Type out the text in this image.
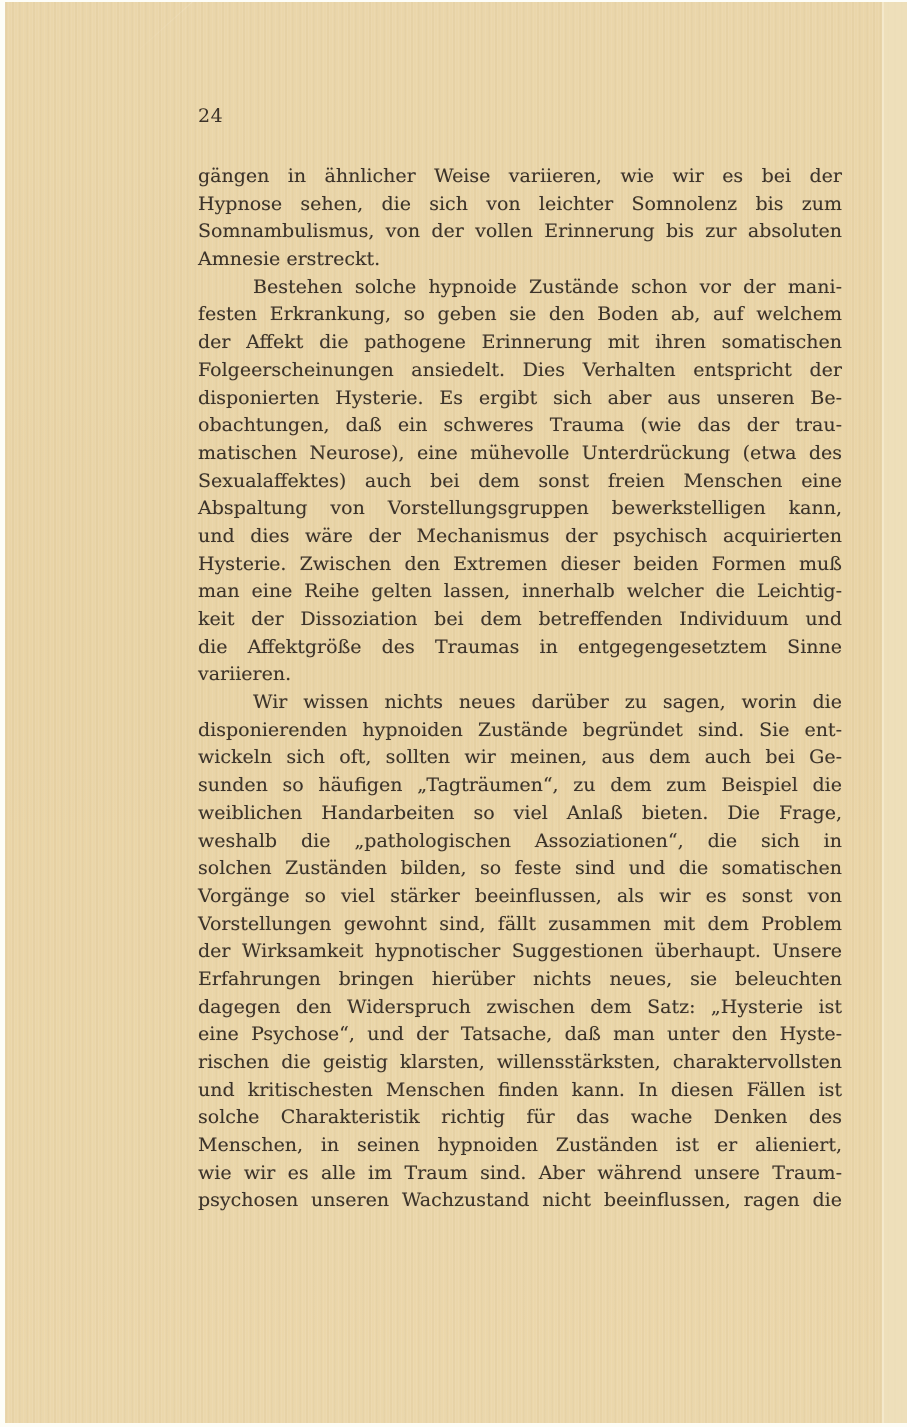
24
gängen in ähnlicher Weise variieren, wie wir es bei der
Hypnose sehen, die sich von leichter Somnolenz bis zum
Somnambulismus, von der vollen Erinnerung bis zur absoluten
Amnesie erstreckt.
Bestehen solche hypnoide Zustände schon vor der mani-
festen Erkrankung, so geben sie den Boden ab, auf welchem
der Affekt die pathogene Erinnerung mit ihren somatischen
Folgeerscheinungen ansiedelt. Dies Verhalten entspricht der
disponierten Hysterie. Es ergibt sich aber aus unseren Be-
obachtungen, daß ein schweres Trauma (wie das der trau-
matischen Neurose), eine mühevolle Unterdrückung (etwa des
Sexualaffektes) auch bei dem sonst freien Menschen eine
Abspaltung von Vorstellungsgruppen bewerkstelligen kann,
und dies wäre der Mechanismus der psychisch acquirierten
Hysterie. Zwischen den Extremen dieser beiden Formen muß
man eine Reihe gelten lassen, innerhalb welcher die Leichtig-
keit der Dissoziation bei dem betreffenden Individuum und
die Affektgröße des Traumas in entgegengesetztem Sinne
variieren.
Wir wissen nichts neues darüber zu sagen, worin die
disponierenden hypnoiden Zustände begründet sind. Sie ent-
wickeln sich oft, sollten wir meinen, aus dem auch bei Ge-
sunden so häufigen „Tagträumen“, zu dem zum Beispiel die
weiblichen Handarbeiten so viel Anlaß bieten. Die Frage,
weshalb die „pathologischen Assoziationen“, die sich in
solchen Zuständen bilden, so feste sind und die somatischen
Vorgänge so viel stärker beeinflussen, als wir es sonst von
Vorstellungen gewohnt sind, fällt zusammen mit dem Problem
der Wirksamkeit hypnotischer Suggestionen überhaupt. Unsere
Erfahrungen bringen hierüber nichts neues, sie beleuchten
dagegen den Widerspruch zwischen dem Satz: „Hysterie ist
eine Psychose“, und der Tatsache, daß man unter den Hyste-
rischen die geistig klarsten, willensstärksten, charaktervollsten
und kritischesten Menschen finden kann. In diesen Fällen ist
solche Charakteristik richtig für das wache Denken des
Menschen, in seinen hypnoiden Zuständen ist er alieniert,
wie wir es alle im Traum sind. Aber während unsere Traum-
psychosen unseren Wachzustand nicht beeinflussen, ragen die
